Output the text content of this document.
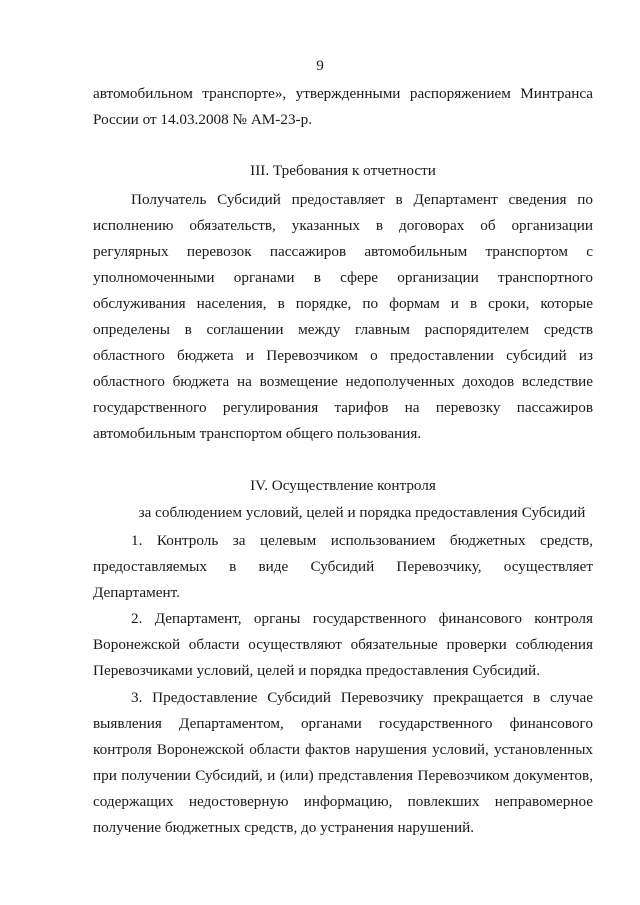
9
автомобильном транспорте», утвержденными распоряжением Минтранса
России от 14.03.2008 № АМ-23-р.
III. Требования к отчетности
Получатель Субсидий предоставляет в Департамент сведения по
исполнению обязательств, указанных в договорах об организации
регулярных перевозок пассажиров автомобильным транспортом с
уполномоченными органами в сфере организации транспортного
обслуживания населения, в порядке, по формам и в сроки, которые
определены в соглашении между главным распорядителем средств
областного бюджета и Перевозчиком о предоставлении субсидий из
областного бюджета на возмещение недополученных доходов вследствие
государственного регулирования тарифов на перевозку пассажиров
автомобильным транспортом общего пользования.
IV. Осуществление контроля
за соблюдением условий, целей и порядка предоставления Субсидий
1. Контроль за целевым использованием бюджетных средств,
предоставляемых в виде Субсидий Перевозчику, осуществляет
Департамент.
2. Департамент, органы государственного финансового контроля
Воронежской области осуществляют обязательные проверки соблюдения
Перевозчиками условий, целей и порядка предоставления Субсидий.
3. Предоставление Субсидий Перевозчику прекращается в случае
выявления Департаментом, органами государственного финансового
контроля Воронежской области фактов нарушения условий, установленных
при получении Субсидий, и (или) представления Перевозчиком документов,
содержащих недостоверную информацию, повлекших неправомерное
получение бюджетных средств, до устранения нарушений.
